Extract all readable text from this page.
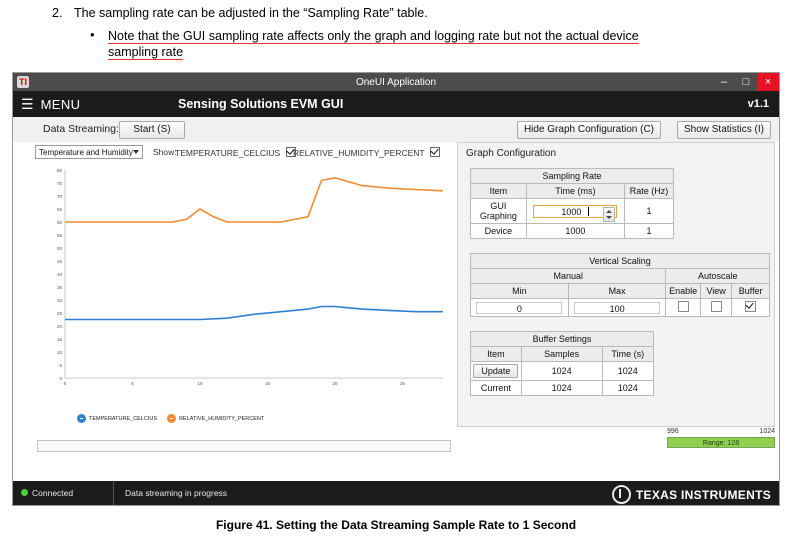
2. The sampling rate can be adjusted in the “Sampling Rate” table.
• Note that the GUI sampling rate affects only the graph and logging rate but not the actual device
sampling rate
TI	OneUI Application	–	□	×
☰ MENU	Sensing Solutions EVM GUI	v1.1
Data Streaming:	Start (S)	Hide Graph Configuration (C)	Show Statistics (I)
Temperature and Humidity	Show:
TEMPERATURE_CELCIUS	RELATIVE_HUMIDITY_PERCENT
80
75
70
65
60
55
50
45
40
35
30
25
20
15
10
5
0
0	5	10	15	20	25
TEMPERATURE_CELCIUS	RELATIVE_HUMIDITY_PERCENT
Graph Configuration
Sampling Rate		
Item	Time (ms)	Rate (Hz)
GUI Graphing	1000	1
Device	1000	1
Vertical Scaling				
Manual		Autoscale		
Min	Max	Enable	View	Buffer
0	100			
Buffer Settings		
Item	Samples	Time (s)
Update	1024	1024
Current	1024	1024
996	1024
Range: 128
Connected	Data streaming in progress	TEXAS INSTRUMENTS
Figure 41. Setting the Data Streaming Sample Rate to 1 Second
